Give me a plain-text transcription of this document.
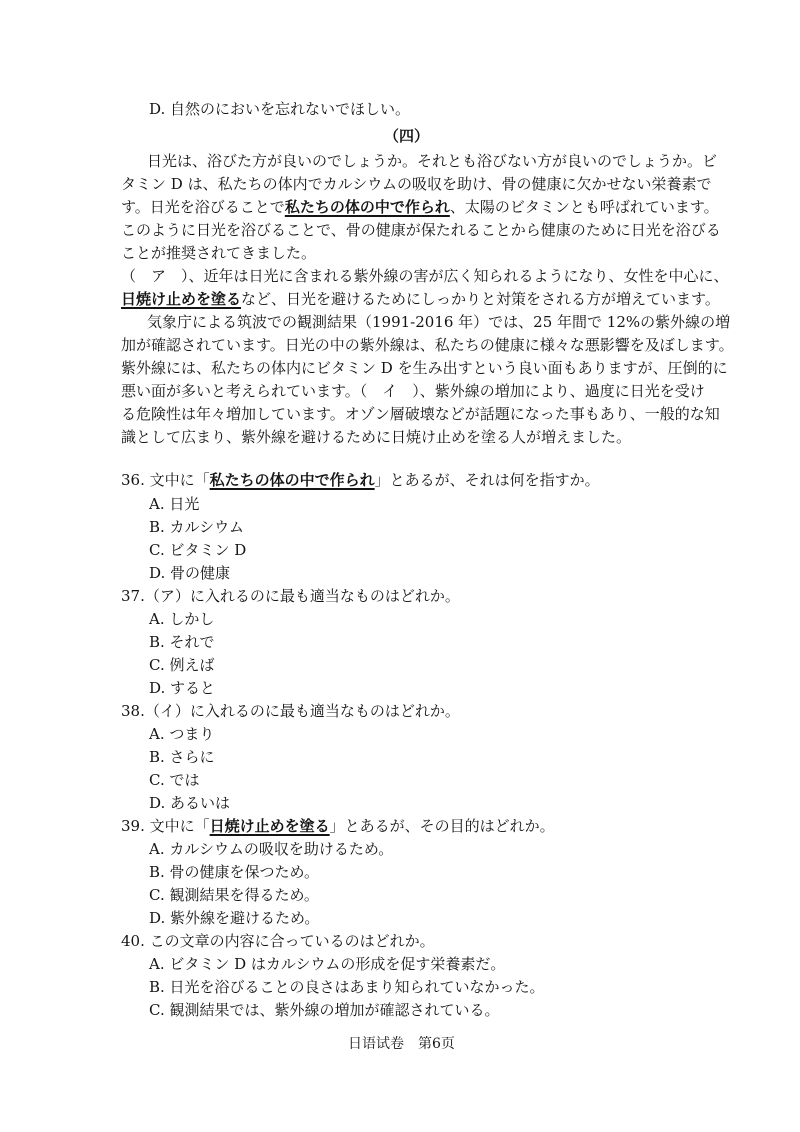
D. 自然のにおいを忘れないでほしい。
（四）
日光は、浴びた方が良いのでしょうか。それとも浴びない方が良いのでしょうか。ビ
タミン D は、私たちの体内でカルシウムの吸収を助け、骨の健康に欠かせない栄養素で
す。日光を浴びることで私たちの体の中で作られ、太陽のビタミンとも呼ばれています。
このように日光を浴びることで、骨の健康が保たれることから健康のために日光を浴びる
ことが推奨されてきました。
（　ア　）、近年は日光に含まれる紫外線の害が広く知られるようになり、女性を中心に、
日焼け止めを塗るなど、日光を避けるためにしっかりと対策をされる方が増えています。
気象庁による筑波での観測結果（1991-2016 年）では、25 年間で 12%の紫外線の増
加が確認されています。日光の中の紫外線は、私たちの健康に様々な悪影響を及ぼします。
紫外線には、私たちの体内にビタミン D を生み出すという良い面もありますが、圧倒的に
悪い面が多いと考えられています。（　イ　）、紫外線の増加により、過度に日光を受け
る危険性は年々増加しています。オゾン層破壊などが話題になった事もあり、一般的な知
識として広まり、紫外線を避けるために日焼け止めを塗る人が増えました。
36. 文中に「私たちの体の中で作られ」とあるが、それは何を指すか。
A. 日光
B. カルシウム
C. ビタミン D
D. 骨の健康
37.（ア）に入れるのに最も適当なものはどれか。
A. しかし
B. それで
C. 例えば
D. すると
38.（イ）に入れるのに最も適当なものはどれか。
A. つまり
B. さらに
C. では
D. あるいは
39. 文中に「日焼け止めを塗る」とあるが、その目的はどれか。
A. カルシウムの吸収を助けるため。
B. 骨の健康を保つため。
C. 観測結果を得るため。
D. 紫外線を避けるため。
40. この文章の内容に合っているのはどれか。
A. ビタミン D はカルシウムの形成を促す栄養素だ。
B. 日光を浴びることの良さはあまり知られていなかった。
C. 観測結果では、紫外線の増加が確認されている。
日语试卷　第6页
